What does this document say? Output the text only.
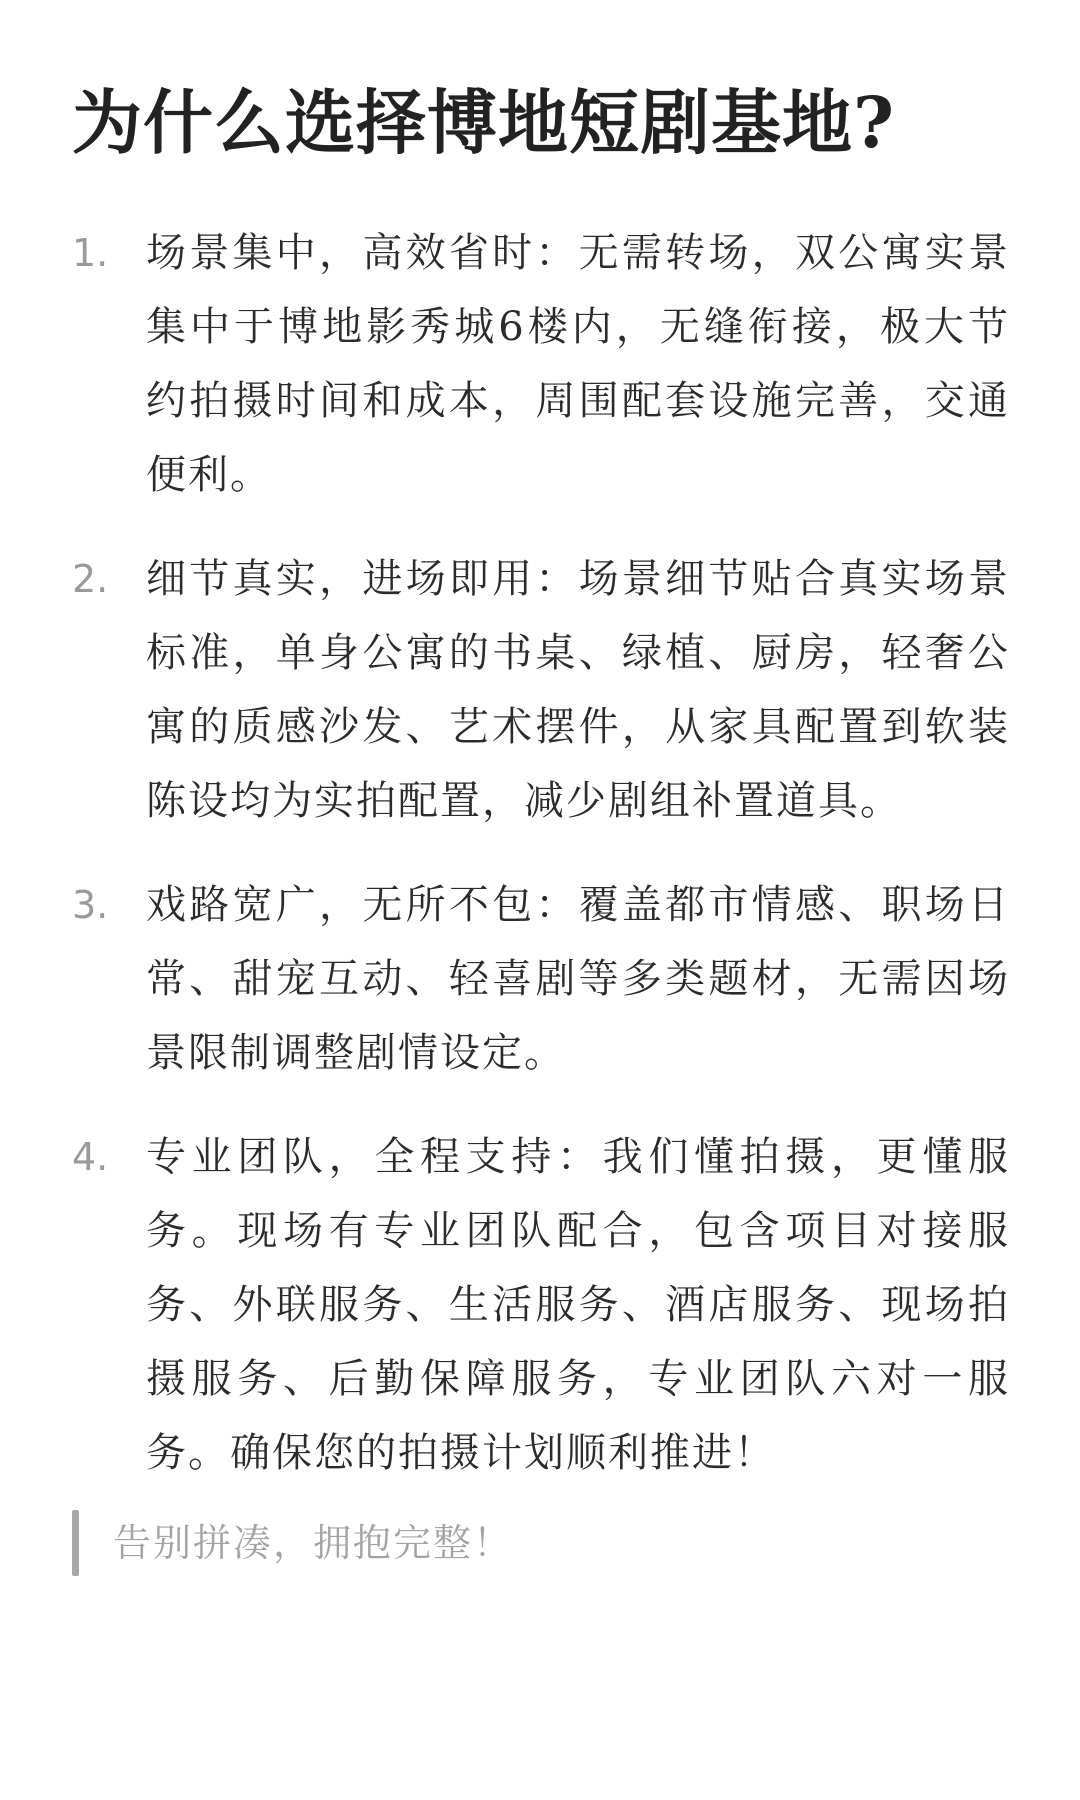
为什么选择博地短剧基地?
1. 场景集中，高效省时：无需转场，双公寓实景集中于博地影秀城6楼内，无缝衔接，极大节约拍摄时间和成本，周围配套设施完善，交通便利。
2. 细节真实，进场即用：场景细节贴合真实场景标准，单身公寓的书桌、绿植、厨房，轻奢公寓的质感沙发、艺术摆件，从家具配置到软装陈设均为实拍配置，减少剧组补置道具。
3. 戏路宽广，无所不包：覆盖都市情感、职场日常、甜宠互动、轻喜剧等多类题材，无需因场景限制调整剧情设定。
4. 专业团队，全程支持：我们懂拍摄，更懂服务。现场有专业团队配合，包含项目对接服务、外联服务、生活服务、酒店服务、现场拍摄服务、后勤保障服务，专业团队六对一服务。确保您的拍摄计划顺利推进！
告别拼凑，拥抱完整！
